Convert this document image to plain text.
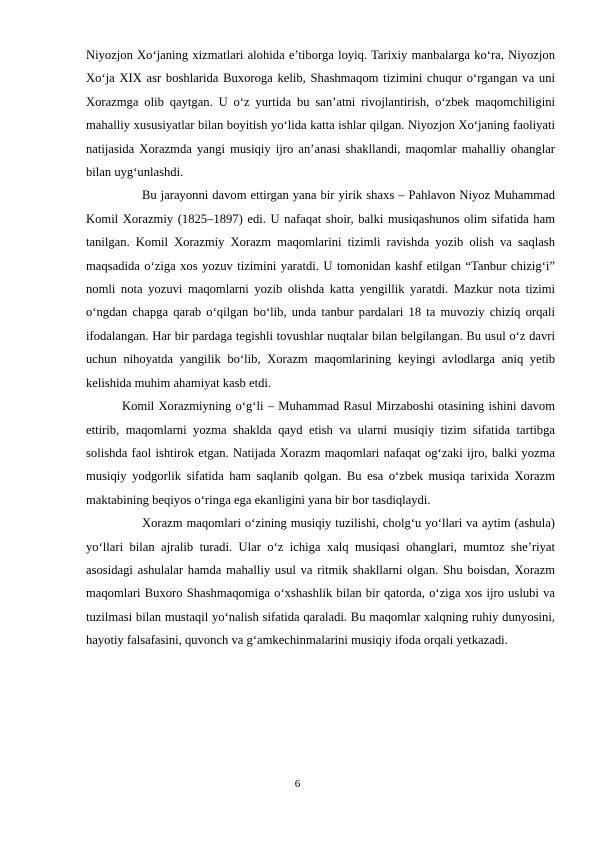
Niyozjon Xo‘janing xizmatlari alohida e’tiborga loyiq. Tarixiy manbalarga ko‘ra, Niyozjon Xo‘ja XIX asr boshlarida Buxoroga kelib, Shashmaqom tizimini chuqur o‘rgangan va uni Xorazmga olib qaytgan. U o‘z yurtida bu san’atni rivojlantirish, o‘zbek maqomchiligini mahalliy xususiyatlar bilan boyitish yo‘lida katta ishlar qilgan. Niyozjon Xo‘janing faoliyati natijasida Xorazmda yangi musiqiy ijro an’anasi shakllandi, maqomlar mahalliy ohanglar bilan uyg‘unlashdi.

Bu jarayonni davom ettirgan yana bir yirik shaxs – Pahlavon Niyoz Muhammad Komil Xorazmiy (1825–1897) edi. U nafaqat shoir, balki musiqashunos olim sifatida ham tanilgan. Komil Xorazmiy Xorazm maqomlarini tizimli ravishda yozib olish va saqlash maqsadida o‘ziga xos yozuv tizimini yaratdi. U tomonidan kashf etilgan “Tanbur chizig‘i” nomli nota yozuvi maqomlarni yozib olishda katta yengillik yaratdi. Mazkur nota tizimi o‘ngdan chapga qarab o‘qilgan bo‘lib, unda tanbur pardalari 18 ta muvoziy chiziq orqali ifodalangan. Har bir pardaga tegishli tovushlar nuqtalar bilan belgilangan. Bu usul o‘z davri uchun nihoyatda yangilik bo‘lib, Xorazm maqomlarining keyingi avlodlarga aniq yetib kelishida muhim ahamiyat kasb etdi.

Komil Xorazmiyning o‘g‘li – Muhammad Rasul Mirzaboshi otasining ishini davom ettirib, maqomlarni yozma shaklda qayd etish va ularni musiqiy tizim sifatida tartibga solishda faol ishtirok etgan. Natijada Xorazm maqomlari nafaqat og‘zaki ijro, balki yozma musiqiy yodgorlik sifatida ham saqlanib qolgan. Bu esa o‘zbek musiqa tarixida Xorazm maktabining beqiyos o‘ringa ega ekanligini yana bir bor tasdiqlaydi.

Xorazm maqomlari o‘zining musiqiy tuzilishi, cholg‘u yo‘llari va aytim (ashula) yo‘llari bilan ajralib turadi. Ular o‘z ichiga xalq musiqasi ohanglari, mumtoz she’riyat asosidagi ashulalar hamda mahalliy usul va ritmik shakllarni olgan. Shu boisdan, Xorazm maqomlari Buxoro Shashmaqomiga o‘xshashlik bilan bir qatorda, o‘ziga xos ijro uslubi va tuzilmasi bilan mustaqil yo‘nalish sifatida qaraladi. Bu maqomlar xalqning ruhiy dunyosini, hayotiy falsafasini, quvonch va g‘amkechinmalarini musiqiy ifoda orqali yetkazadi.

6
